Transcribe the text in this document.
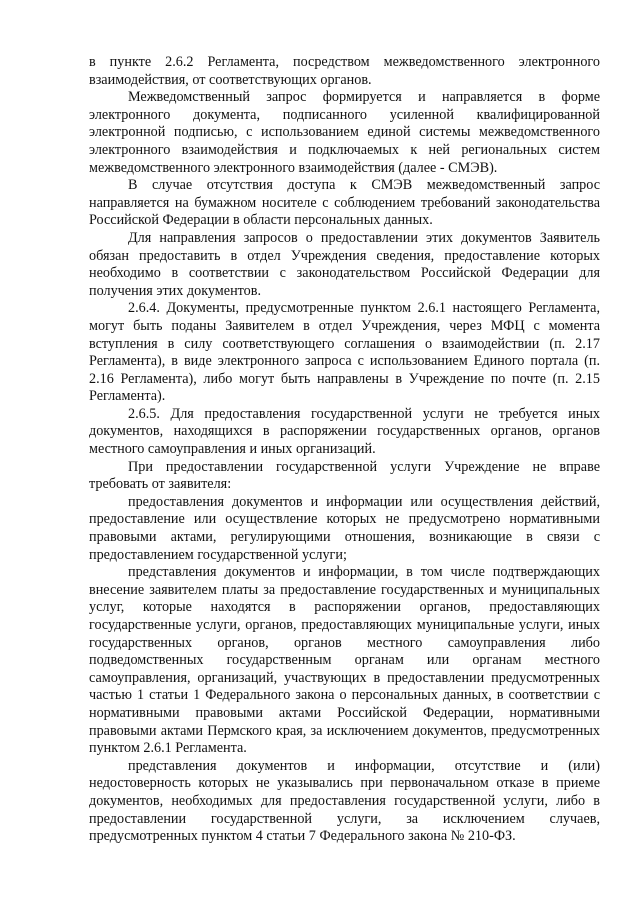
в пункте 2.6.2 Регламента, посредством межведомственного электронного взаимодействия, от соответствующих органов.

Межведомственный запрос формируется и направляется в форме электронного документа, подписанного усиленной квалифицированной электронной подписью, с использованием единой системы межведомственного электронного взаимодействия и подключаемых к ней региональных систем межведомственного электронного взаимодействия (далее - СМЭВ).

В случае отсутствия доступа к СМЭВ межведомственный запрос направляется на бумажном носителе с соблюдением требований законодательства Российской Федерации в области персональных данных.

Для направления запросов о предоставлении этих документов Заявитель обязан предоставить в отдел Учреждения сведения, предоставление которых необходимо в соответствии с законодательством Российской Федерации для получения этих документов.

2.6.4. Документы, предусмотренные пунктом 2.6.1 настоящего Регламента, могут быть поданы Заявителем в отдел Учреждения, через МФЦ с момента вступления в силу соответствующего соглашения о взаимодействии (п. 2.17 Регламента), в виде электронного запроса с использованием Единого портала (п. 2.16 Регламента), либо могут быть направлены в Учреждение по почте (п. 2.15 Регламента).

2.6.5. Для предоставления государственной услуги не требуется иных документов, находящихся в распоряжении государственных органов, органов местного самоуправления и иных организаций.

При предоставлении государственной услуги Учреждение не вправе требовать от заявителя:

предоставления документов и информации или осуществления действий, предоставление или осуществление которых не предусмотрено нормативными правовыми актами, регулирующими отношения, возникающие в связи с предоставлением государственной услуги;

представления документов и информации, в том числе подтверждающих внесение заявителем платы за предоставление государственных и муниципальных услуг, которые находятся в распоряжении органов, предоставляющих государственные услуги, органов, предоставляющих муниципальные услуги, иных государственных органов, органов местного самоуправления либо подведомственных государственным органам или органам местного самоуправления, организаций, участвующих в предоставлении предусмотренных частью 1 статьи 1 Федерального закона о персональных данных, в соответствии с нормативными правовыми актами Российской Федерации, нормативными правовыми актами Пермского края, за исключением документов, предусмотренных пунктом 2.6.1 Регламента.

представления документов и информации, отсутствие и (или) недостоверность которых не указывались при первоначальном отказе в приеме документов, необходимых для предоставления государственной услуги, либо в предоставлении государственной услуги, за исключением случаев, предусмотренных пунктом 4 статьи 7 Федерального закона № 210-ФЗ.
